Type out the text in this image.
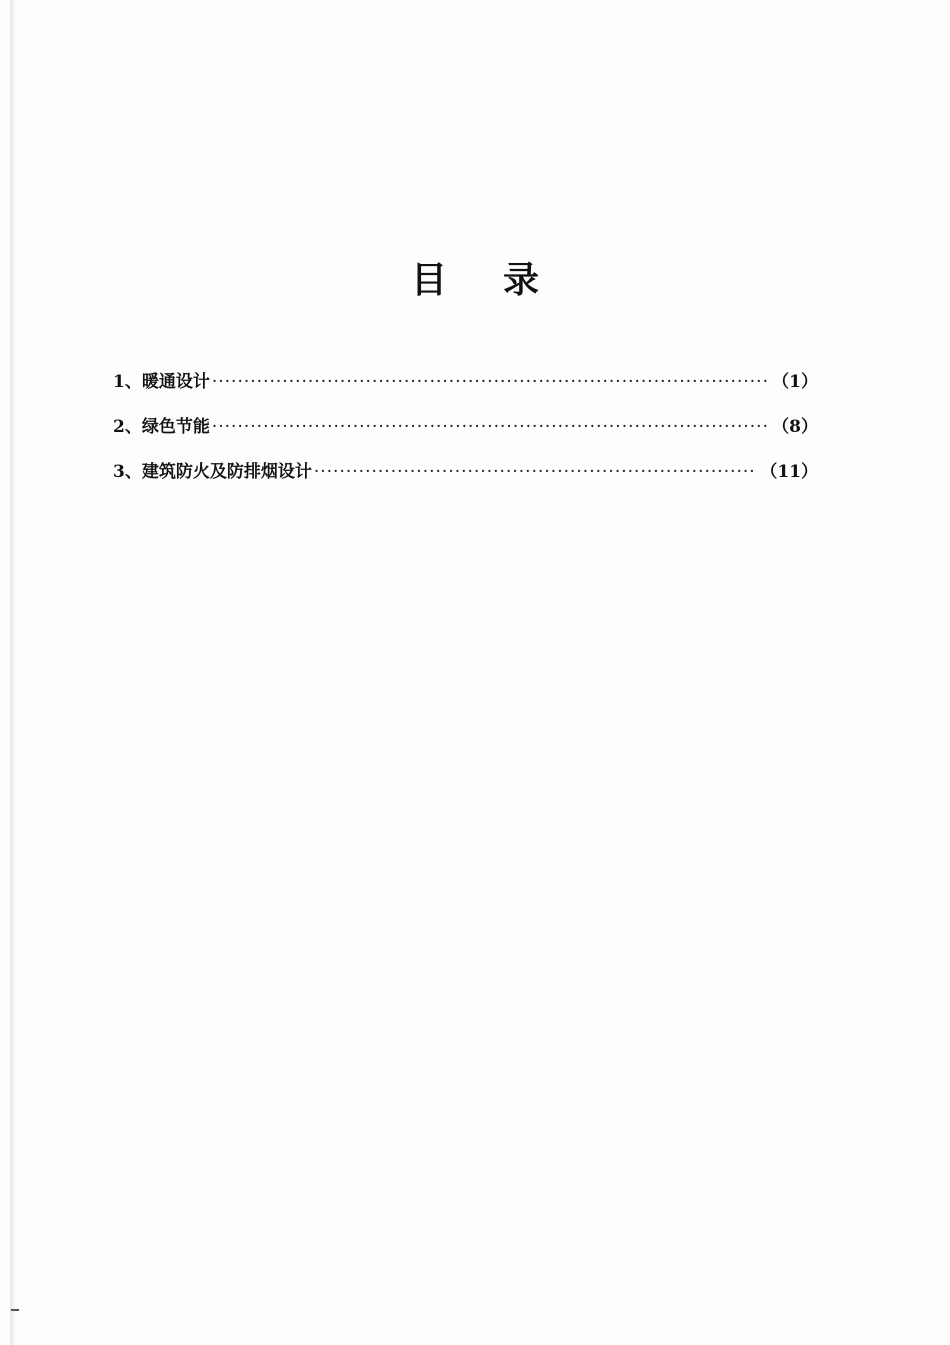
目 录
1、 暖通设计 ·····	（1）
2、 绿色节能 ·····	（8）
3、 建筑防火及防排烟设计 ·····	（11）
